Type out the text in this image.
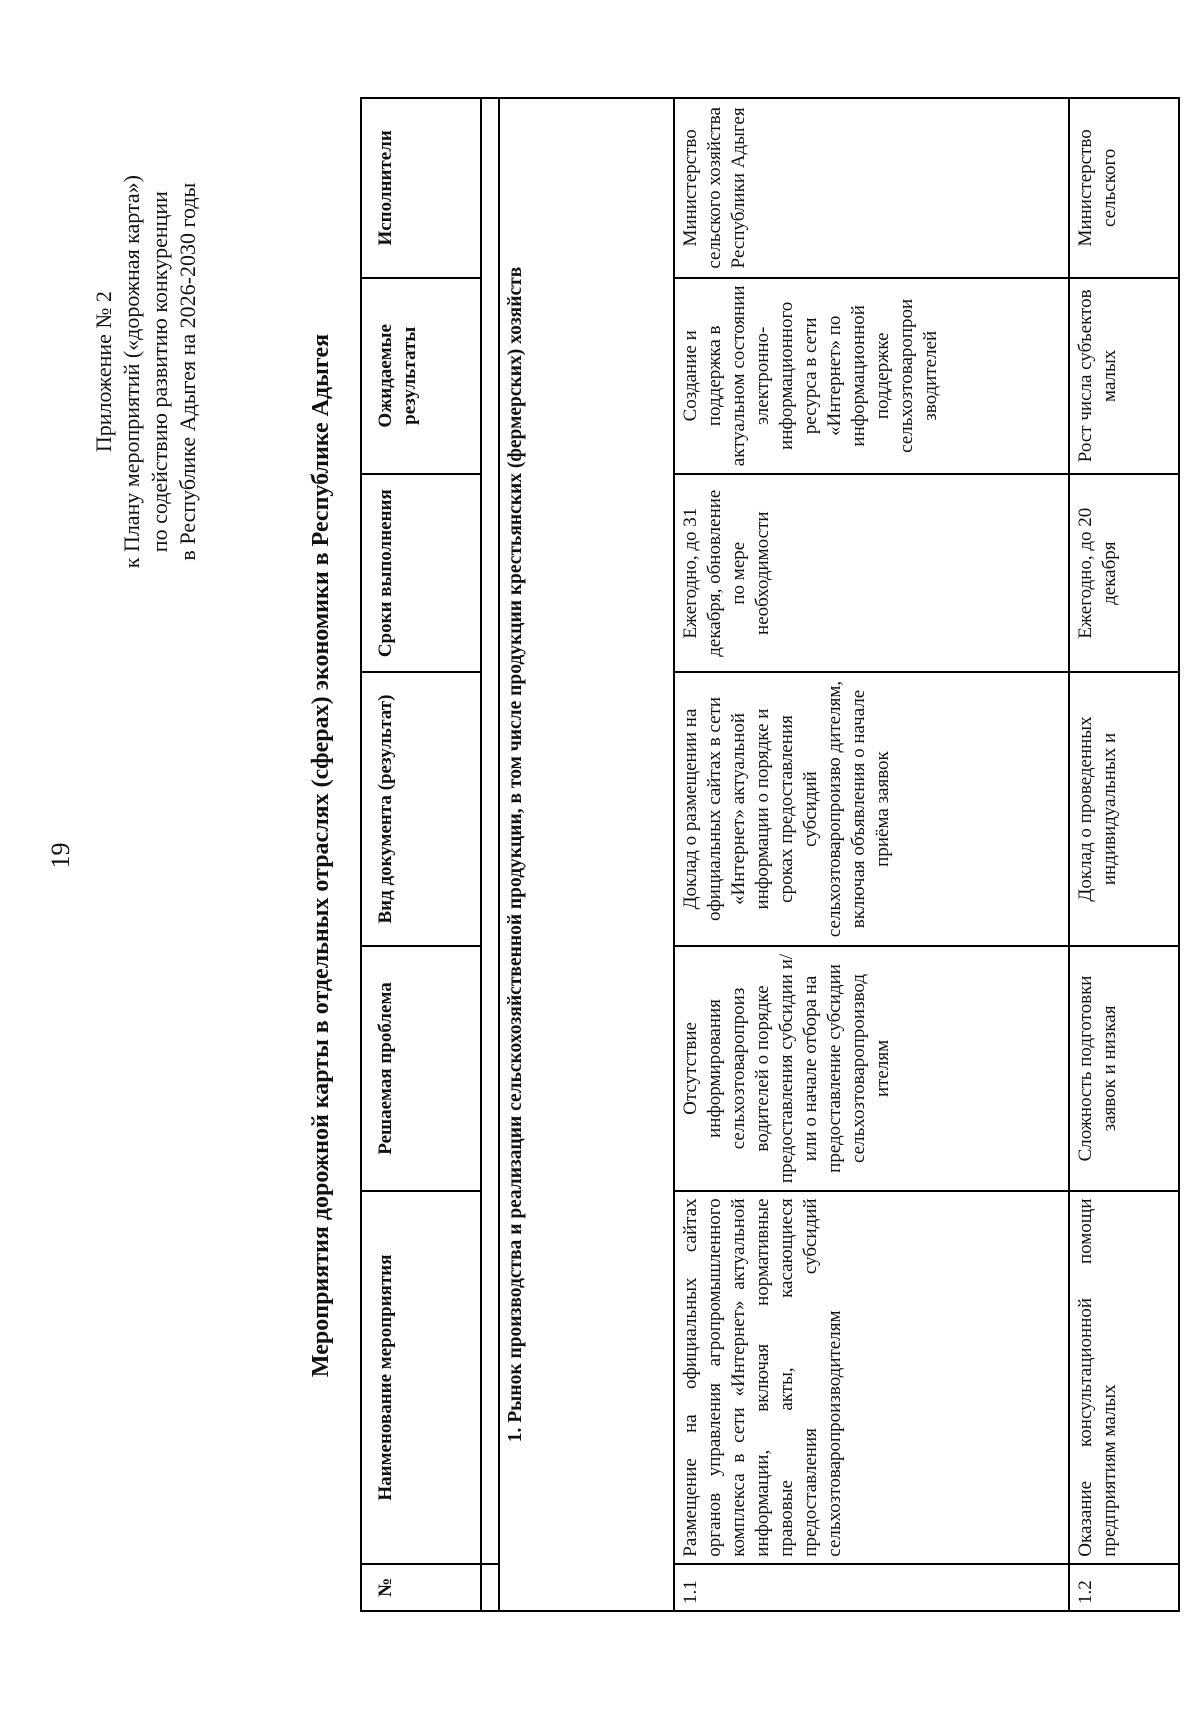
19
Приложение № 2 к Плану мероприятий («дорожная карта») по содействию развитию конкуренции в Республике Адыгея на 2026-2030 годы	Мероприятия дорожной карты в отдельных отраслях (сферах) экономики в Республике Адыгея
№	Наименование мероприятия	Решаемая проблема	Вид документа (результат)	Сроки выполнения	Ожидаемые результаты	Исполнители

1. Рынок производства и реализации сельскохозяйственной продукции, в том числе продукции крестьянских (фермерских) хозяйств						
1.1	Размещение на официальных сайтах органов управления агропромышленного комплекса в сети «Интернет» актуальной информации, включая нормативные правовые акты, касающиеся предоставления субсидий сельхозтоваропроизводителям	Отсутствие информирования сельхозтоваропроиз водителей о порядке предоставления субсидии и/или о начале отбора на предоставление субсидии сельхозтоваропроизвод ителям	Доклад о размещении на официальных сайтах в сети «Интернет» актуальной информации о порядке и сроках предоставления субсидий сельхозтоваропроизво дителям, включая объявления о начале приёма заявок	Ежегодно, до 31 декабря, обновление по мере необходимости	Создание и поддержка в актуальном состоянии электронно-информационного ресурса в сети «Интернет» по информационной поддержке сельхозтоваропрои зводителей	Министерство сельского хозяйства Республики Адыгея
1.2	Оказание консультационной помощи предприятиям малых	Сложность подготовки заявок и низкая	Доклад о проведенных индивидуальных и	Ежегодно, до 20 декабря	Рост числа субъектов малых	Министерство сельского
